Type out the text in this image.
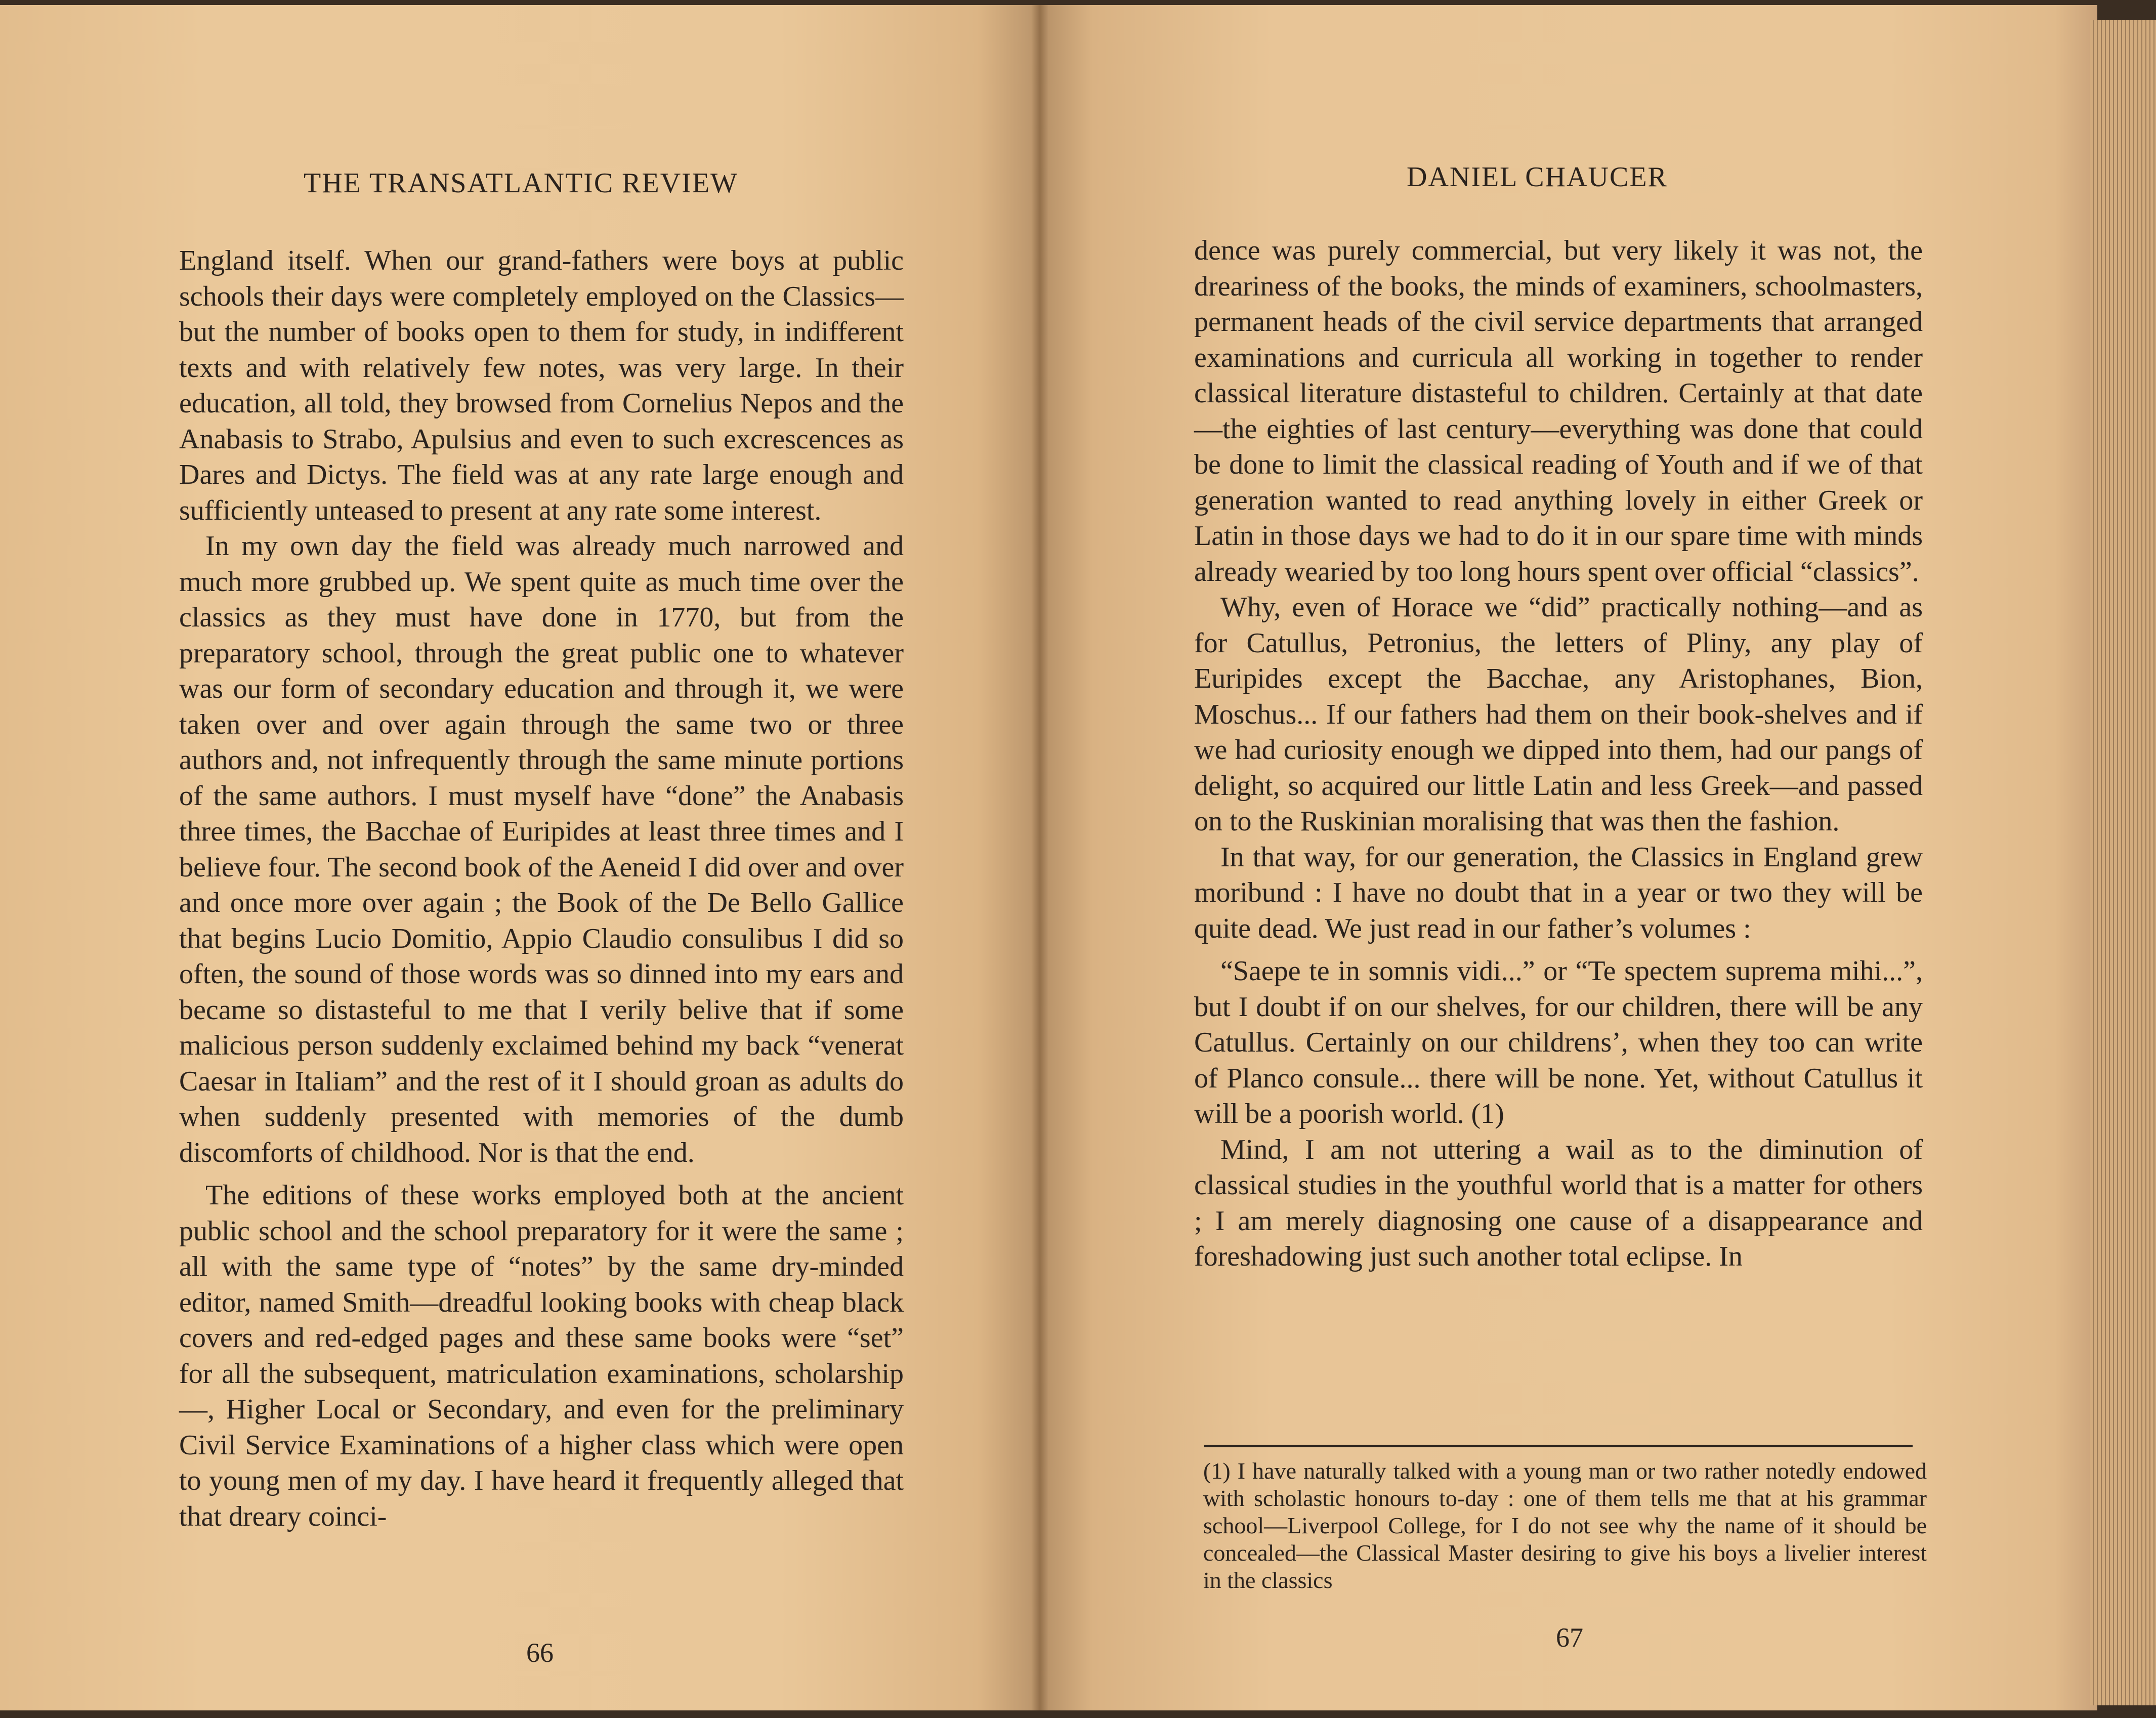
THE TRANSATLANTIC REVIEW

England itself. When our grand-fathers were boys at public schools their days were completely employed on the Classics—but the number of books open to them for study, in indifferent texts and with relatively few notes, was very large. In their education, all told, they browsed from Cornelius Nepos and the Anabasis to Strabo, Apulsius and even to such excrescences as Dares and Dictys. The field was at any rate large enough and sufficiently unteased to present at any rate some interest.

In my own day the field was already much narrowed and much more grubbed up. We spent quite as much time over the classics as they must have done in 1770, but from the preparatory school, through the great public one to whatever was our form of secondary education and through it, we were taken over and over again through the same two or three authors and, not infrequently through the same minute portions of the same authors. I must myself have “done” the Anabasis three times, the Bacchae of Euripides at least three times and I believe four. The second book of the Aeneid I did over and over and once more over again ; the Book of the De Bello Gallice that begins Lucio Domitio, Appio Claudio consulibus I did so often, the sound of those words was so dinned into my ears and became so distasteful to me that I verily belive that if some malicious person suddenly exclaimed behind my back “venerat Caesar in Italiam” and the rest of it I should groan as adults do when suddenly presented with memories of the dumb discomforts of childhood. Nor is that the end.

The editions of these works employed both at the ancient public school and the school preparatory for it were the same ; all with the same type of “notes” by the same dry-minded editor, named Smith—dreadful looking books with cheap black covers and red-edged pages and these same books were “set” for all the subsequent, matriculation examinations, scholarship—, Higher Local or Secondary, and even for the preliminary Civil Service Examinations of a higher class which were open to young men of my day. I have heard it frequently alleged that that dreary coinci-

66
DANIEL CHAUCER

dence was purely commercial, but very likely it was not, the dreariness of the books, the minds of examiners, schoolmasters, permanent heads of the civil service departments that arranged examinations and curricula all working in together to render classical literature distasteful to children. Certainly at that date—the eighties of last century—everything was done that could be done to limit the classical reading of Youth and if we of that generation wanted to read anything lovely in either Greek or Latin in those days we had to do it in our spare time with minds already wearied by too long hours spent over official “classics”.

Why, even of Horace we “did” practically nothing—and as for Catullus, Petronius, the letters of Pliny, any play of Euripides except the Bacchae, any Aristophanes, Bion, Moschus... If our fathers had them on their book-shelves and if we had curiosity enough we dipped into them, had our pangs of delight, so acquired our little Latin and less Greek—and passed on to the Ruskinian moralising that was then the fashion.

In that way, for our generation, the Classics in England grew moribund : I have no doubt that in a year or two they will be quite dead. We just read in our father’s volumes :

“Saepe te in somnis vidi...” or “Te spectem suprema mihi...”, but I doubt if on our shelves, for our children, there will be any Catullus. Certainly on our childrens’, when they too can write of Planco consule... there will be none. Yet, without Catullus it will be a poorish world. (1)

Mind, I am not uttering a wail as to the diminution of classical studies in the youthful world that is a matter for others ; I am merely diagnosing one cause of a disappearance and foreshadowing just such another total eclipse. In

(1) I have naturally talked with a young man or two rather notedly endowed with scholastic honours to-day : one of them tells me that at his grammar school—Liverpool College, for I do not see why the name of it should be concealed—the Classical Master desiring to give his boys a livelier interest in the classics

67
